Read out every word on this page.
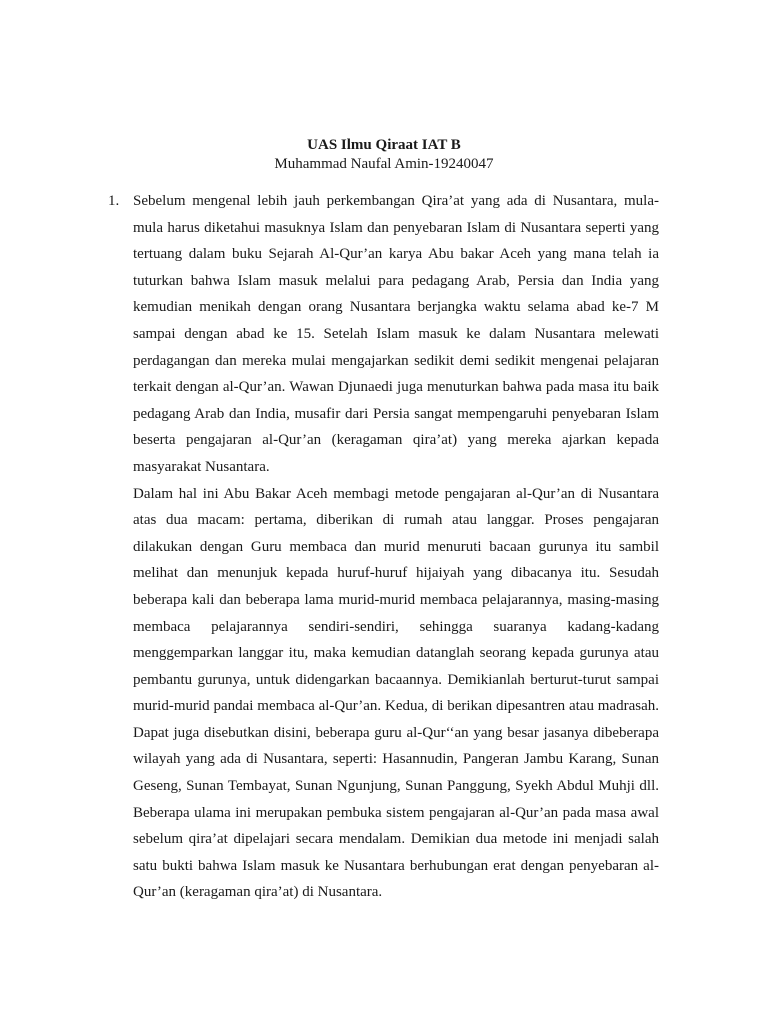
UAS Ilmu Qiraat IAT B
Muhammad Naufal Amin-19240047
1. Sebelum mengenal lebih jauh perkembangan Qira’at yang ada di Nusantara, mula-mula harus diketahui masuknya Islam dan penyebaran Islam di Nusantara seperti yang tertuang dalam buku Sejarah Al-Qur’an karya Abu bakar Aceh yang mana telah ia tuturkan bahwa Islam masuk melalui para pedagang Arab, Persia dan India yang kemudian menikah dengan orang Nusantara berjangka waktu selama abad ke-7 M sampai dengan abad ke 15. Setelah Islam masuk ke dalam Nusantara melewati perdagangan dan mereka mulai mengajarkan sedikit demi sedikit mengenai pelajaran terkait dengan al-Qur’an. Wawan Djunaedi juga menuturkan bahwa pada masa itu baik pedagang Arab dan India, musafir dari Persia sangat mempengaruhi penyebaran Islam beserta pengajaran al-Qur’an (keragaman qira’at) yang mereka ajarkan kepada masyarakat Nusantara.

Dalam hal ini Abu Bakar Aceh membagi metode pengajaran al-Qur’an di Nusantara atas dua macam: pertama, diberikan di rumah atau langgar. Proses pengajaran dilakukan dengan Guru membaca dan murid menuruti bacaan gurunya itu sambil melihat dan menunjuk kepada huruf-huruf hijaiyah yang dibacanya itu. Sesudah beberapa kali dan beberapa lama murid-murid membaca pelajarannya, masing-masing membaca pelajarannya sendiri-sendiri, sehingga suaranya kadang-kadang menggemparkan langgar itu, maka kemudian datanglah seorang kepada gurunya atau pembantu gurunya, untuk didengarkan bacaannya. Demikianlah berturut-turut sampai murid-murid pandai membaca al-Qur’an. Kedua, di berikan dipesantren atau madrasah. Dapat juga disebutkan disini, beberapa guru al-Qur‘‘an yang besar jasanya dibeberapa wilayah yang ada di Nusantara, seperti: Hasannudin, Pangeran Jambu Karang, Sunan Geseng, Sunan Tembayat, Sunan Ngunjung, Sunan Panggung, Syekh Abdul Muhji dll. Beberapa ulama ini merupakan pembuka sistem pengajaran al-Qur’an pada masa awal sebelum qira’at dipelajari secara mendalam. Demikian dua metode ini menjadi salah satu bukti bahwa Islam masuk ke Nusantara berhubungan erat dengan penyebaran al-Qur’an (keragaman qira’at) di Nusantara.
